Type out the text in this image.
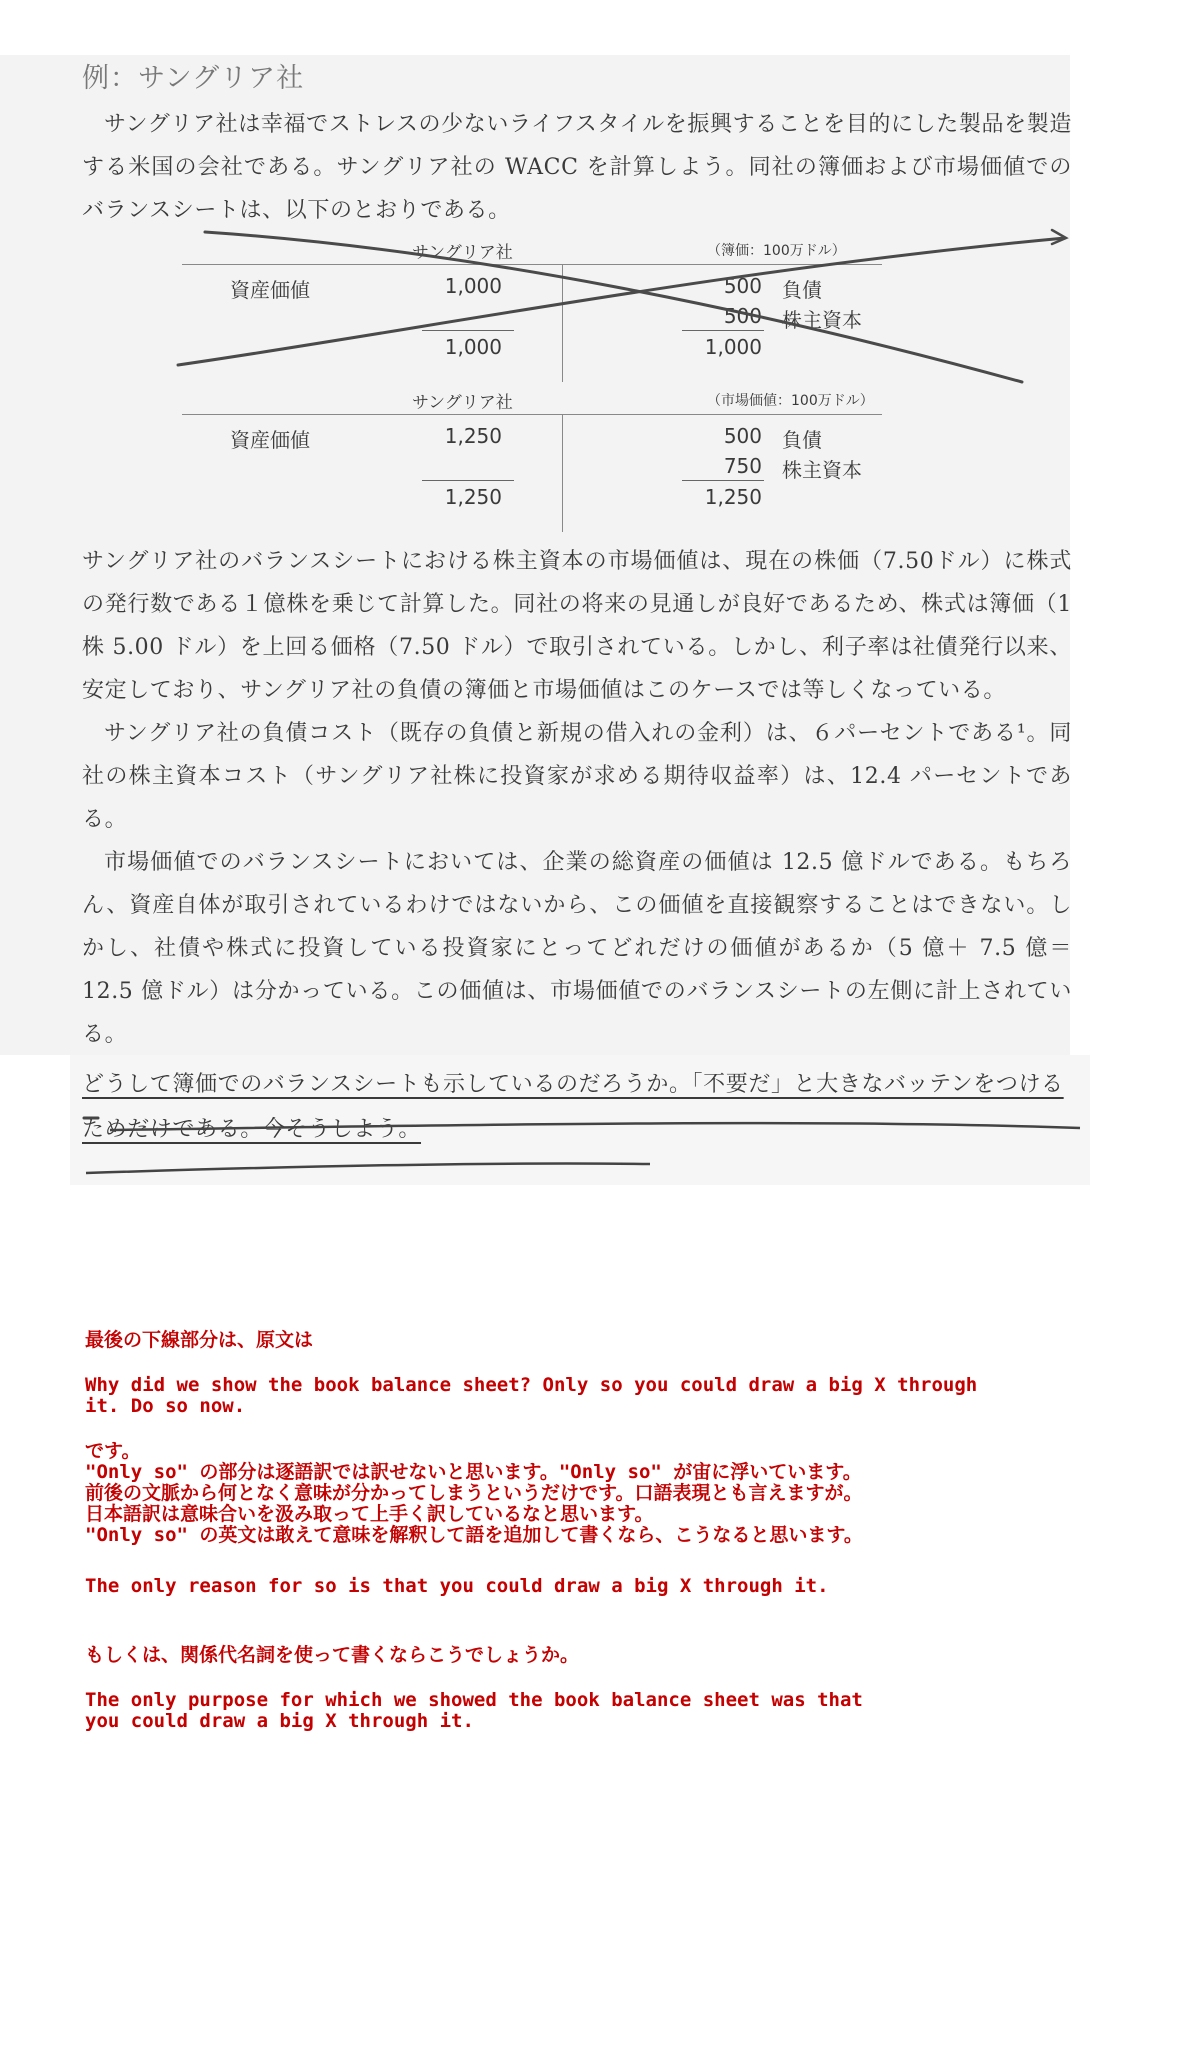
例：サングリア社

サングリア社は幸福でストレスの少ないライフスタイルを振興することを目的にした製品を製造する米国の会社である。サングリア社の WACC を計算しよう。同社の簿価および市場価値でのバランスシートは、以下のとおりである。

サングリア社	（簿価：100万ドル）
資産価値	1,000	500 負債
500 株主資本
1,000	1,000
サングリア社	（市場価値：100万ドル）
資産価値	1,250	500 負債
750 株主資本
1,250	1,250

サングリア社のバランスシートにおける株主資本の市場価値は、現在の株価（7.50ドル）に株式の発行数である１億株を乗じて計算した。同社の将来の見通しが良好であるため、株式は簿価（1 株 5.00 ドル）を上回る価格（7.50 ドル）で取引されている。しかし、利子率は社債発行以来、安定しており、サングリア社の負債の簿価と市場価値はこのケースでは等しくなっている。

サングリア社の負債コスト（既存の負債と新規の借入れの金利）は、６パーセントである¹。同社の株主資本コスト（サングリア社株に投資家が求める期待収益率）は、12.4 パーセントである。

市場価値でのバランスシートにおいては、企業の総資産の価値は 12.5 億ドルである。もちろん、資産自体が取引されているわけではないから、この価値を直接観察することはできない。しかし、社債や株式に投資している投資家にとってどれだけの価値があるか（5 億＋ 7.5 億＝ 12.5 億ドル）は分かっている。この価値は、市場価値でのバランスシートの左側に計上されている。

どうして簿価でのバランスシートも示しているのだろうか。「不要だ」と大きなバッテンをつけるためだけである。今そうしよう。

最後の下線部分は、原文は

Why did we show the book balance sheet? Only so you could draw a big X through
it. Do so now.

です。

"Only so" の部分は逐語訳では訳せないと思います。"Only so" が宙に浮いています。
前後の文脈から何となく意味が分かってしまうというだけです。口語表現とも言えますが。
日本語訳は意味合いを汲み取って上手く訳しているなと思います。
"Only so" の英文は敢えて意味を解釈して語を追加して書くなら、こうなると思います。

The only reason for so is that you could draw a big X through it.

もしくは、関係代名詞を使って書くならこうでしょうか。

The only purpose for which we showed the book balance sheet was that
you could draw a big X through it.
